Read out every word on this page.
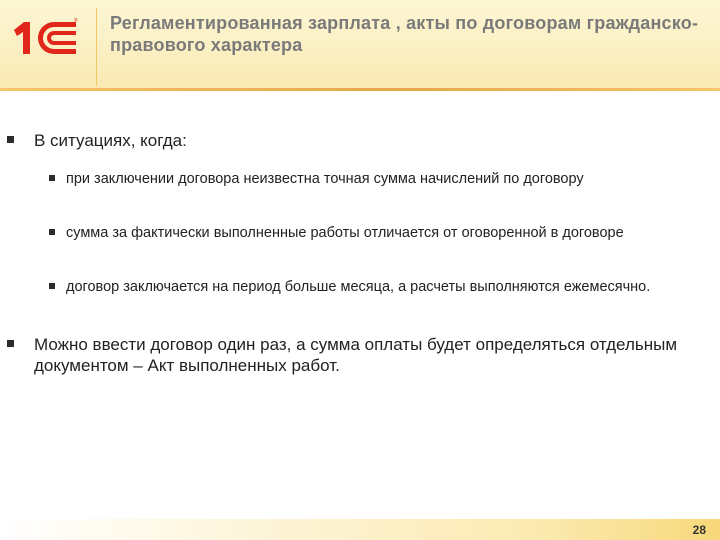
® Регламентированная зарплата , акты по договорам гражданско-правового характера
В ситуациях, когда:
при заключении договора неизвестна точная сумма начислений по договору
сумма за фактически выполненные работы отличается от оговоренной в договоре
договор заключается на период больше месяца, а расчеты выполняются ежемесячно.
Можно ввести договор один раз, а сумма оплаты будет определяться отдельным документом – Акт выполненных работ.
28
